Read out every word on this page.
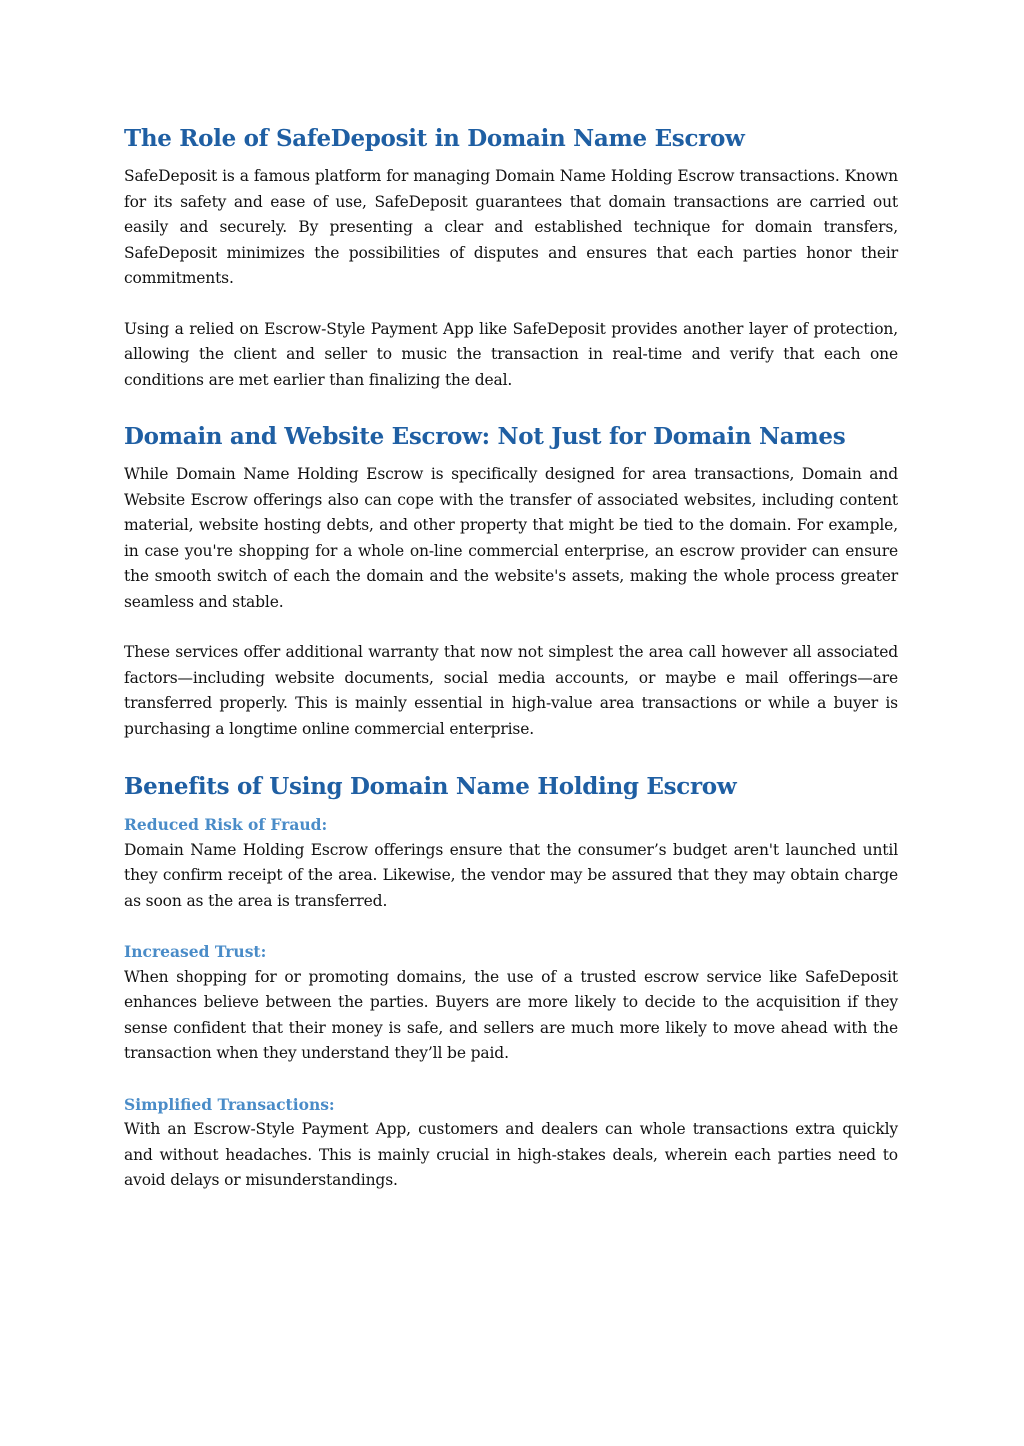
The Role of SafeDeposit in Domain Name Escrow

SafeDeposit is a famous platform for managing Domain Name Holding Escrow transactions. Known for its safety and ease of use, SafeDeposit guarantees that domain transactions are carried out easily and securely. By presenting a clear and established technique for domain transfers, SafeDeposit minimizes the possibilities of disputes and ensures that each parties honor their commitments.

Using a relied on Escrow-Style Payment App like SafeDeposit provides another layer of protection, allowing the client and seller to music the transaction in real-time and verify that each one conditions are met earlier than finalizing the deal.

Domain and Website Escrow: Not Just for Domain Names

While Domain Name Holding Escrow is specifically designed for area transactions, Domain and Website Escrow offerings also can cope with the transfer of associated websites, including content material, website hosting debts, and other property that might be tied to the domain. For example, in case you're shopping for a whole on-line commercial enterprise, an escrow provider can ensure the smooth switch of each the domain and the website's assets, making the whole process greater seamless and stable.

These services offer additional warranty that now not simplest the area call however all associated factors—including website documents, social media accounts, or maybe e mail offerings—are transferred properly. This is mainly essential in high-value area transactions or while a buyer is purchasing a longtime online commercial enterprise.

Benefits of Using Domain Name Holding Escrow
Reduced Risk of Fraud:

Domain Name Holding Escrow offerings ensure that the consumer’s budget aren't launched until they confirm receipt of the area. Likewise, the vendor may be assured that they may obtain charge as soon as the area is transferred.

Increased Trust:

When shopping for or promoting domains, the use of a trusted escrow service like SafeDeposit enhances believe between the parties. Buyers are more likely to decide to the acquisition if they sense confident that their money is safe, and sellers are much more likely to move ahead with the transaction when they understand they’ll be paid.

Simplified Transactions:

With an Escrow-Style Payment App, customers and dealers can whole transactions extra quickly and without headaches. This is mainly crucial in high-stakes deals, wherein each parties need to avoid delays or misunderstandings.
